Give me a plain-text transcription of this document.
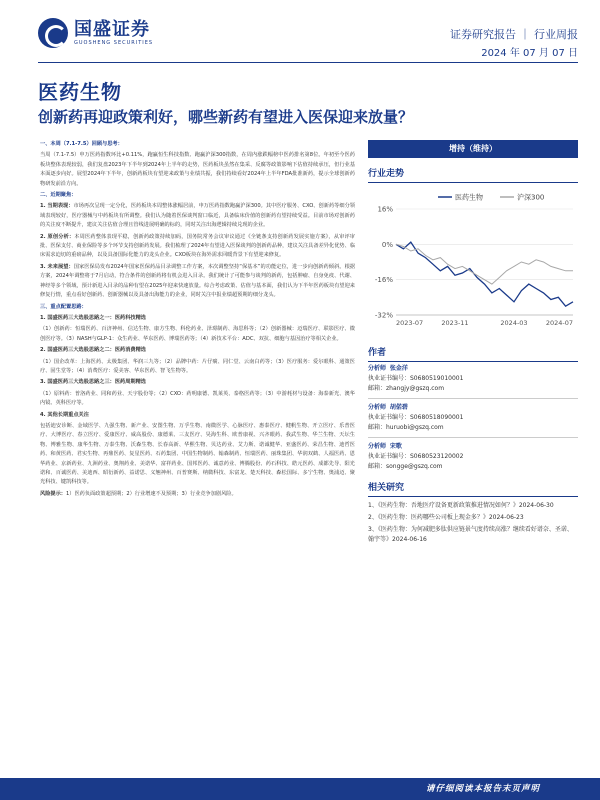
国盛证券
GUOSHENG SECURITIES
证券研究报告 ｜ 行业周报
2024 年 07 月 07 日
医药生物
创新药再迎政策利好，哪些新药有望进入医保迎来放量？

一、本周（7.1-7.5）回顾与思考：

当周（7.1-7.5）申万医药指数环比+0.11%，跑赢恒生科技指数、跑赢沪深300指数，在周内涨跌幅榜中医药排名第8位。年初至今医药板块整体表现较弱，我们复盘2023年下半年到2024年上半年的走势，医药板块虽然在集采、反腐等政策影响下估值持续承压，但行业基本面逐步向好。展望2024年下半年，创新药板块有望迎来政策与业绩共振，我们持续看好2024年上半年FDA批准新药，提示全球创新药物研发前沿方向。

二、近期聚焦：

1. 当期表现：市场再次呈现一定分化，医药板块本周整体涨幅居前，申万医药指数跑赢沪深300。其中医疗服务、CXO、创新药等细分领域表现较好，医疗器械与中药板块有所调整。我们认为随着医保谈判窗口临近，具备临床价值的创新药有望持续受益。目前市场对创新药的关注度不断提升，建议关注估值合理且管线进展明确的标的，同时关注出海逻辑持续兑现的企业。

2. 原创分析：本周医药整体表现平稳，创新药政策持续加码，国务院常务会议审议通过《全链条支持创新药发展实施方案》，从审评审批、医保支付、商业保险等多个环节支持创新药发展。我们梳理了2024年有望进入医保谈判的创新药品种，建议关注具备差异化优势、临床需求迫切的重磅品种，以及具备国际化能力的龙头企业。CXO板块在海外需求回暖背景下有望迎来修复。

3. 未来展望：国家医保局发布2024年国家医保药品目录调整工作方案，本次调整坚持“保基本”的功能定位，进一步向创新药倾斜。根据方案，2024年调整将于7月启动，符合条件的创新药将有机会进入目录。我们统计了可能参与谈判的新药，包括肿瘤、自身免疫、代谢、神经等多个领域，预计新进入目录的品种有望在2025年迎来快速放量。综合考虑政策、估值与基本面，我们认为下半年医药板块有望迎来修复行情，重点看好创新药、创新器械以及具备出海能力的企业，同时关注中报业绩超预期的细分龙头。

三、重点配置思路：

1. 国盛医药三大选股思路之一：医药科技精选

（1）创新药：恒瑞医药、百济神州、信达生物、康方生物、科伦药业、泽璟制药、海思科等；（2）创新器械：迈瑞医疗、联影医疗、微创医疗等。（3）NASH与GLP-1：众生药业、华东医药、博瑞医药等；（4）新技术平台：ADC、双抗、细胞与基因治疗等相关企业。

2. 国盛医药三大选股思路之二：医药消费精选

（1）国企改革：上海医药、太极集团、华润三九等；（2）品牌中药：片仔癀、同仁堂、云南白药等；（3）医疗服务：爱尔眼科、通策医疗、固生堂等；（4）消费医疗：爱美客、华东医药、智飞生物等。

3. 国盛医药三大选股思路之三：医药周期精选

（1）原料药：普洛药业、同和药业、天宇股份等；（2）CXO：药明康德、凯莱英、泰格医药等；（3）中游耗材与设备：海泰新光、澳华内镜、英科医疗等。

4. 其他长期重点关注

包括迪安诊断、金域医学、九强生物、新产业、安图生物、万孚生物、南微医学、心脉医疗、惠泰医疗、健帆生物、开立医疗、乐普医疗、大博医疗、春立医疗、爱康医疗、威高股份、康德莱、三友医疗、昊海生科、欧普康视、兴齐眼药、我武生物、华兰生物、天坛生物、博雅生物、康华生物、万泰生物、沃森生物、长春高新、华熙生物、贝达药业、艾力斯、诺诚健华、亚盛医药、荣昌生物、迪哲医药、和黄医药、君实生物、再鼎医药、复星医药、石药集团、中国生物制药、翰森制药、恒瑞医药、丽珠集团、华润双鹤、人福医药、恩华药业、京新药业、九洲药业、奥翔药业、美诺华、富祥药业、国邦医药、诚意药业、博腾股份、药石科技、皓元医药、成都先导、阳光诺和、百诚医药、美迪西、昭衍新药、益诺思、义翘神州、百普赛斯、纳微科技、东富龙、楚天科技、森松国际、多宁生物、奥浦迈、聚光科技、键凯科技等。

风险提示：1）医药负面政策超预期；2）行业增速不及预期；3）行业竞争加剧风险。

增持（维持）
行业走势
16%
0%
-16%
-32%
2023-07	2023-11	2024-03	2024-07
医药生物	沪深300
作者
分析师 张金洋
执业证书编号：S0680519010001
邮箱：zhangjy@gszq.com
分析师 胡偌碧
执业证书编号：S0680518090001
邮箱：huruobi@gszq.com
分析师 宋歌
执业证书编号：S0680523120002
邮箱：songge@gszq.com
相关研究

1、《医药生物：吾地医疗设备更新政策推进情况如何？》2024-06-30

2、《医药生物：医药哪些公司板上现金多？》2024-06-23

3、《医药生物：为何减肥多肽供应链景气度持续高涨？继续看好谱奈、圣诺、翰宇等》2024-06-16

请仔细阅读本报告末页声明
